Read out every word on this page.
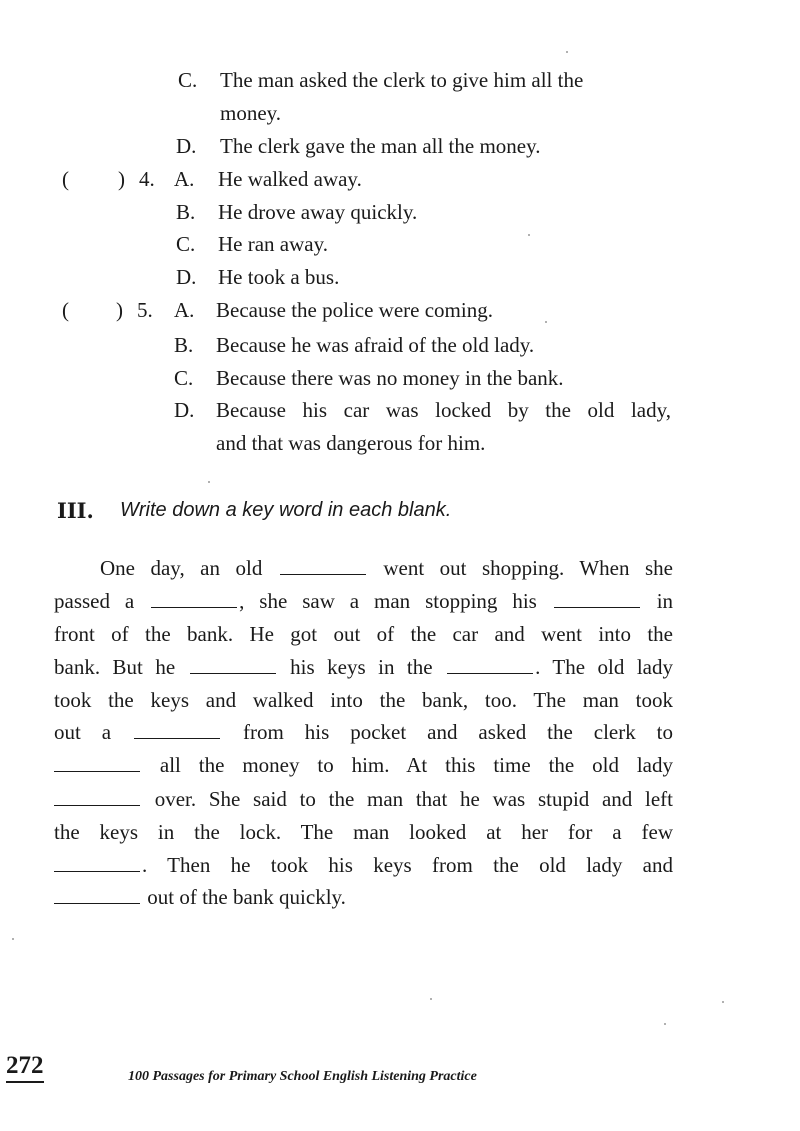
C. The man asked the clerk to give him all the
money.
D. The clerk gave the man all the money.
( ) 4. A. He walked away.
B. He drove away quickly.
C. He ran away.
D. He took a bus.
( ) 5. A. Because the police were coming.
B. Because he was afraid of the old lady.
C. Because there was no money in the bank.
D. Because his car was locked by the old lady,
and that was dangerous for him.
III. Write down a key word in each blank.
One day, an old	went out shopping. When she
passed a	, she saw a man stopping his	in
front of the bank. He got out of the car and went into the
bank. But he	his keys in the	. The old lady
took the keys and walked into the bank, too. The man took
out a	from his pocket and asked the clerk to
all the money to him. At this time the old lady
over. She said to the man that he was stupid and left
the keys in the lock. The man looked at her for a few
. Then he took his keys from the old lady and
out of the bank quickly.
272	100 Passages for Primary School English Listening Practice
